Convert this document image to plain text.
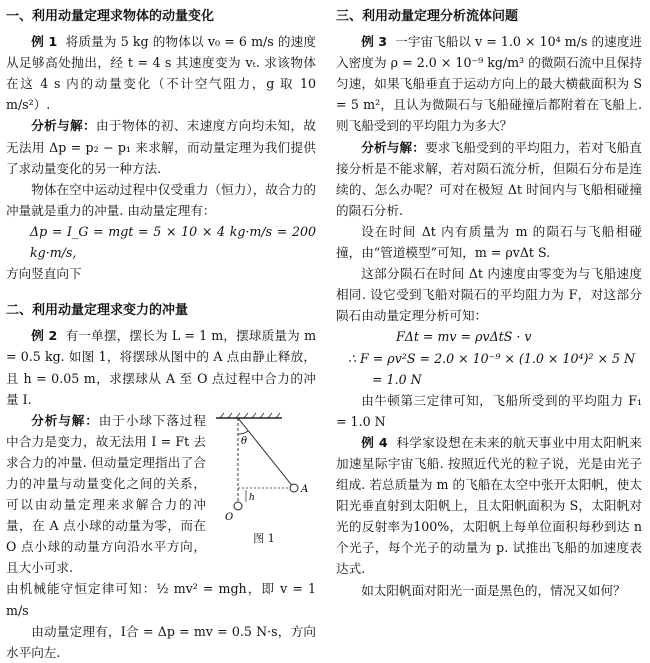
一、利用动量定理求物体的动量变化

例 1 将质量为 5 kg 的物体以 v₀ = 6 m/s 的速度从足够高处抛出，经 t = 4 s 其速度变为 vₜ. 求该物体在这 4 s 内的动量变化（不计空气阻力，g 取 10 m/s²）.

分析与解：由于物体的初、末速度方向均未知，故无法用 Δp = p₂ − p₁ 来求解，而动量定理为我们提供了求动量变化的另一种方法.

物体在空中运动过程中仅受重力（恒力），故合力的冲量就是重力的冲量. 由动量定理有：

Δp = I_G = mgt = 5 × 10 × 4 kg·m/s = 200 kg·m/s,

方向竖直向下

二、利用动量定理求变力的冲量

例 2 有一单摆，摆长为 L = 1 m，摆球质量为 m = 0.5 kg. 如图 1，将摆球从图中的 A 点由静止释放，且 h = 0.05 m，求摆球从 A 至 O 点过程中合力的冲量 I.

θ
A
h
O
图 1

分析与解：由于小球下落过程中合力是变力，故无法用 I = Ft 去求合力的冲量. 但动量定理指出了合力的冲量与动量变化之间的关系，可以由动量定理来求解合力的冲量，在 A 点小球的动量为零，而在 O 点小球的动量方向沿水平方向，且大小可求.

由机械能守恒定律可知：½ mv² = mgh，即 v = 1 m/s

由动量定理有，I合 = Δp = mv = 0.5 N·s，方向水平向左.

三、利用动量定理分析流体问题

例 3 一宇宙飞船以 v = 1.0 × 10⁴ m/s 的速度进入密度为 ρ = 2.0 × 10⁻⁹ kg/m³ 的微陨石流中且保持匀速，如果飞船垂直于运动方向上的最大横截面积为 S = 5 m²，且认为微陨石与飞船碰撞后都附着在飞船上. 则飞船受到的平均阻力为多大？

分析与解：要求飞船受到的平均阻力，若对飞船直接分析是不能求解，若对陨石流分析，但陨石分布是连续的、怎么办呢？可对在极短 Δt 时间内与飞船相碰撞的陨石分析.

设在时间 Δt 内有质量为 m 的陨石与飞船相碰撞，由“管道模型”可知，m = ρvΔt S.

这部分陨石在时间 Δt 内速度由零变为与飞船速度相同. 设它受到飞船对陨石的平均阻力为 F，对这部分陨石由动量定理分析可知：

FΔt = mv = ρvΔtS · v

∴ F = ρv²S = 2.0 × 10⁻⁹ × (1.0 × 10⁴)² × 5 N

= 1.0 N

由牛顿第三定律可知，飞船所受到的平均阻力 F₁ = 1.0 N

例 4 科学家设想在未来的航天事业中用太阳帆来加速星际宇宙飞船. 按照近代光的粒子说，光是由光子组成. 若总质量为 m 的飞船在太空中张开太阳帆，使太阳光垂直射到太阳帆上，且太阳帆面积为 S，太阳帆对光的反射率为100%，太阳帆上每单位面积每秒到达 n 个光子，每个光子的动量为 p. 试推出飞船的加速度表达式.

如太阳帆面对阳光一面是黑色的，情况又如何？
